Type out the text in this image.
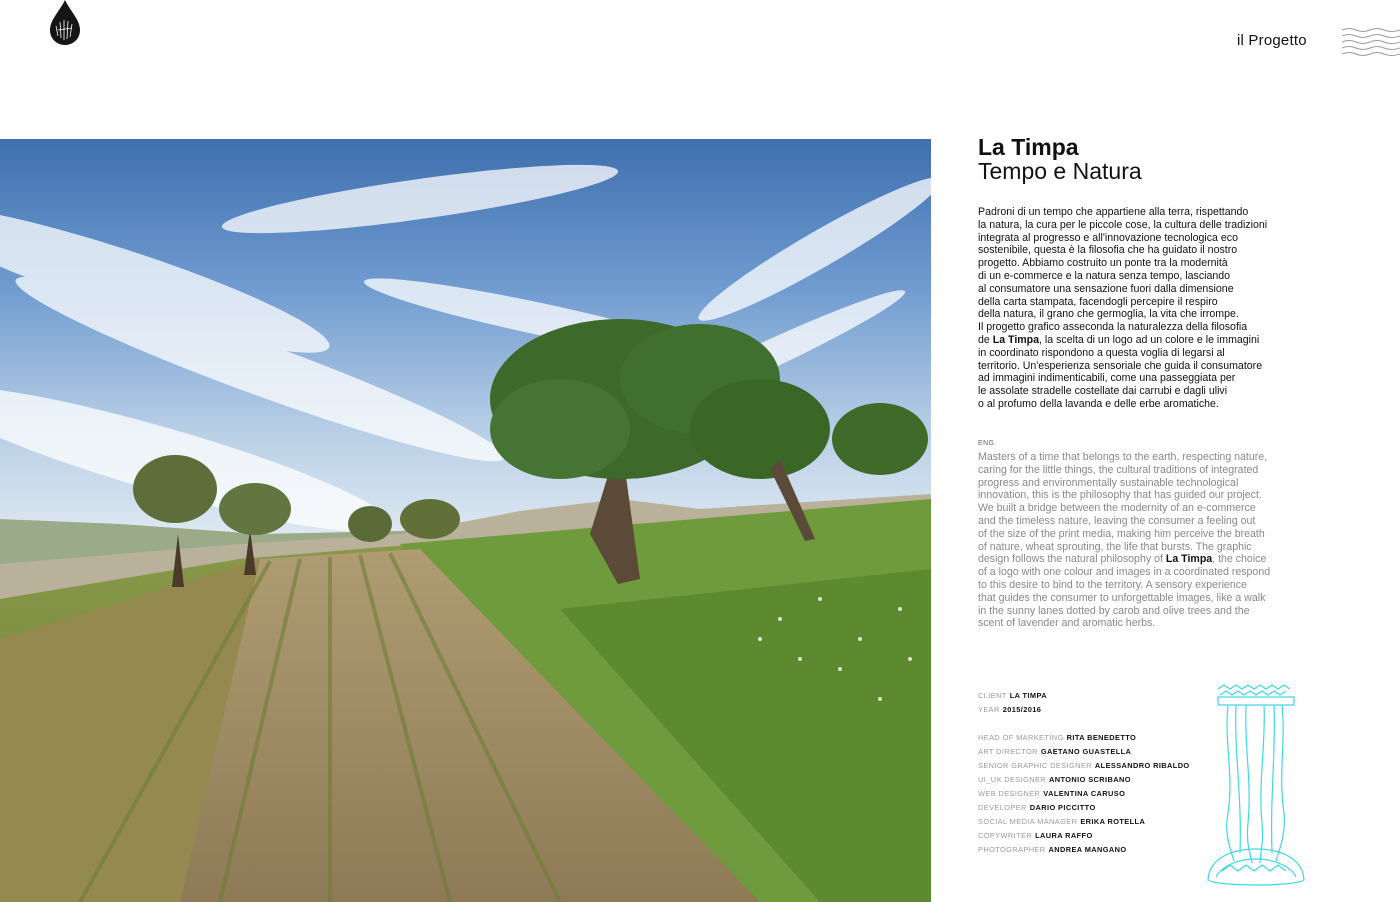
il Progetto
La Timpa
Tempo e Natura

Padroni di un tempo che appartiene alla terra, rispettando

la natura, la cura per le piccole cose, la cultura delle tradizioni

integrata al progresso e all'innovazione tecnologica eco

sostenibile, questa è la filosofia che ha guidato il nostro

progetto. Abbiamo costruito un ponte tra la modernità

di un e-commerce e la natura senza tempo, lasciando

al consumatore una sensazione fuori dalla dimensione

della carta stampata, facendogli percepire il respiro

della natura, il grano che germoglia, la vita che irrompe.

Il progetto grafico asseconda la naturalezza della filosofia

de La Timpa, la scelta di un logo ad un colore e le immagini

in coordinato rispondono a questa voglia di legarsi al

territorio. Un'esperienza sensoriale che guida il consumatore

ad immagini indimenticabili, come una passeggiata per

le assolate stradelle costellate dai carrubi e dagli ulivi

o al profumo della lavanda e delle erbe aromatiche.

ENG

Masters of a time that belongs to the earth, respecting nature,

caring for the little things, the cultural traditions of integrated

progress and environmentally sustainable technological

innovation, this is the philosophy that has guided our project.

We built a bridge between the modernity of an e-commerce

and the timeless nature, leaving the consumer a feeling out

of the size of the print media, making him perceive the breath

of nature, wheat sprouting, the life that bursts. The graphic

design follows the natural philosophy of La Timpa, the choice

of a logo with one colour and images in a coordinated respond

to this desire to bind to the territory. A sensory experience

that guides the consumer to unforgettable images, like a walk

in the sunny lanes dotted by carob and olive trees and the

scent of lavender and aromatic herbs.

CLIENT LA TIMPA
YEAR 2015/2016
HEAD OF MARKETING RITA BENEDETTO
ART DIRECTOR GAETANO GUASTELLA
SENIOR GRAPHIC DESIGNER ALESSANDRO RIBALDO
UI_UX DESIGNER ANTONIO SCRIBANO
WEB DESIGNER VALENTINA CARUSO
DEVELOPER DARIO PICCITTO
SOCIAL MEDIA MANAGER ERIKA ROTELLA
COPYWRITER LAURA RAFFO
PHOTOGRAPHER ANDREA MANGANO
